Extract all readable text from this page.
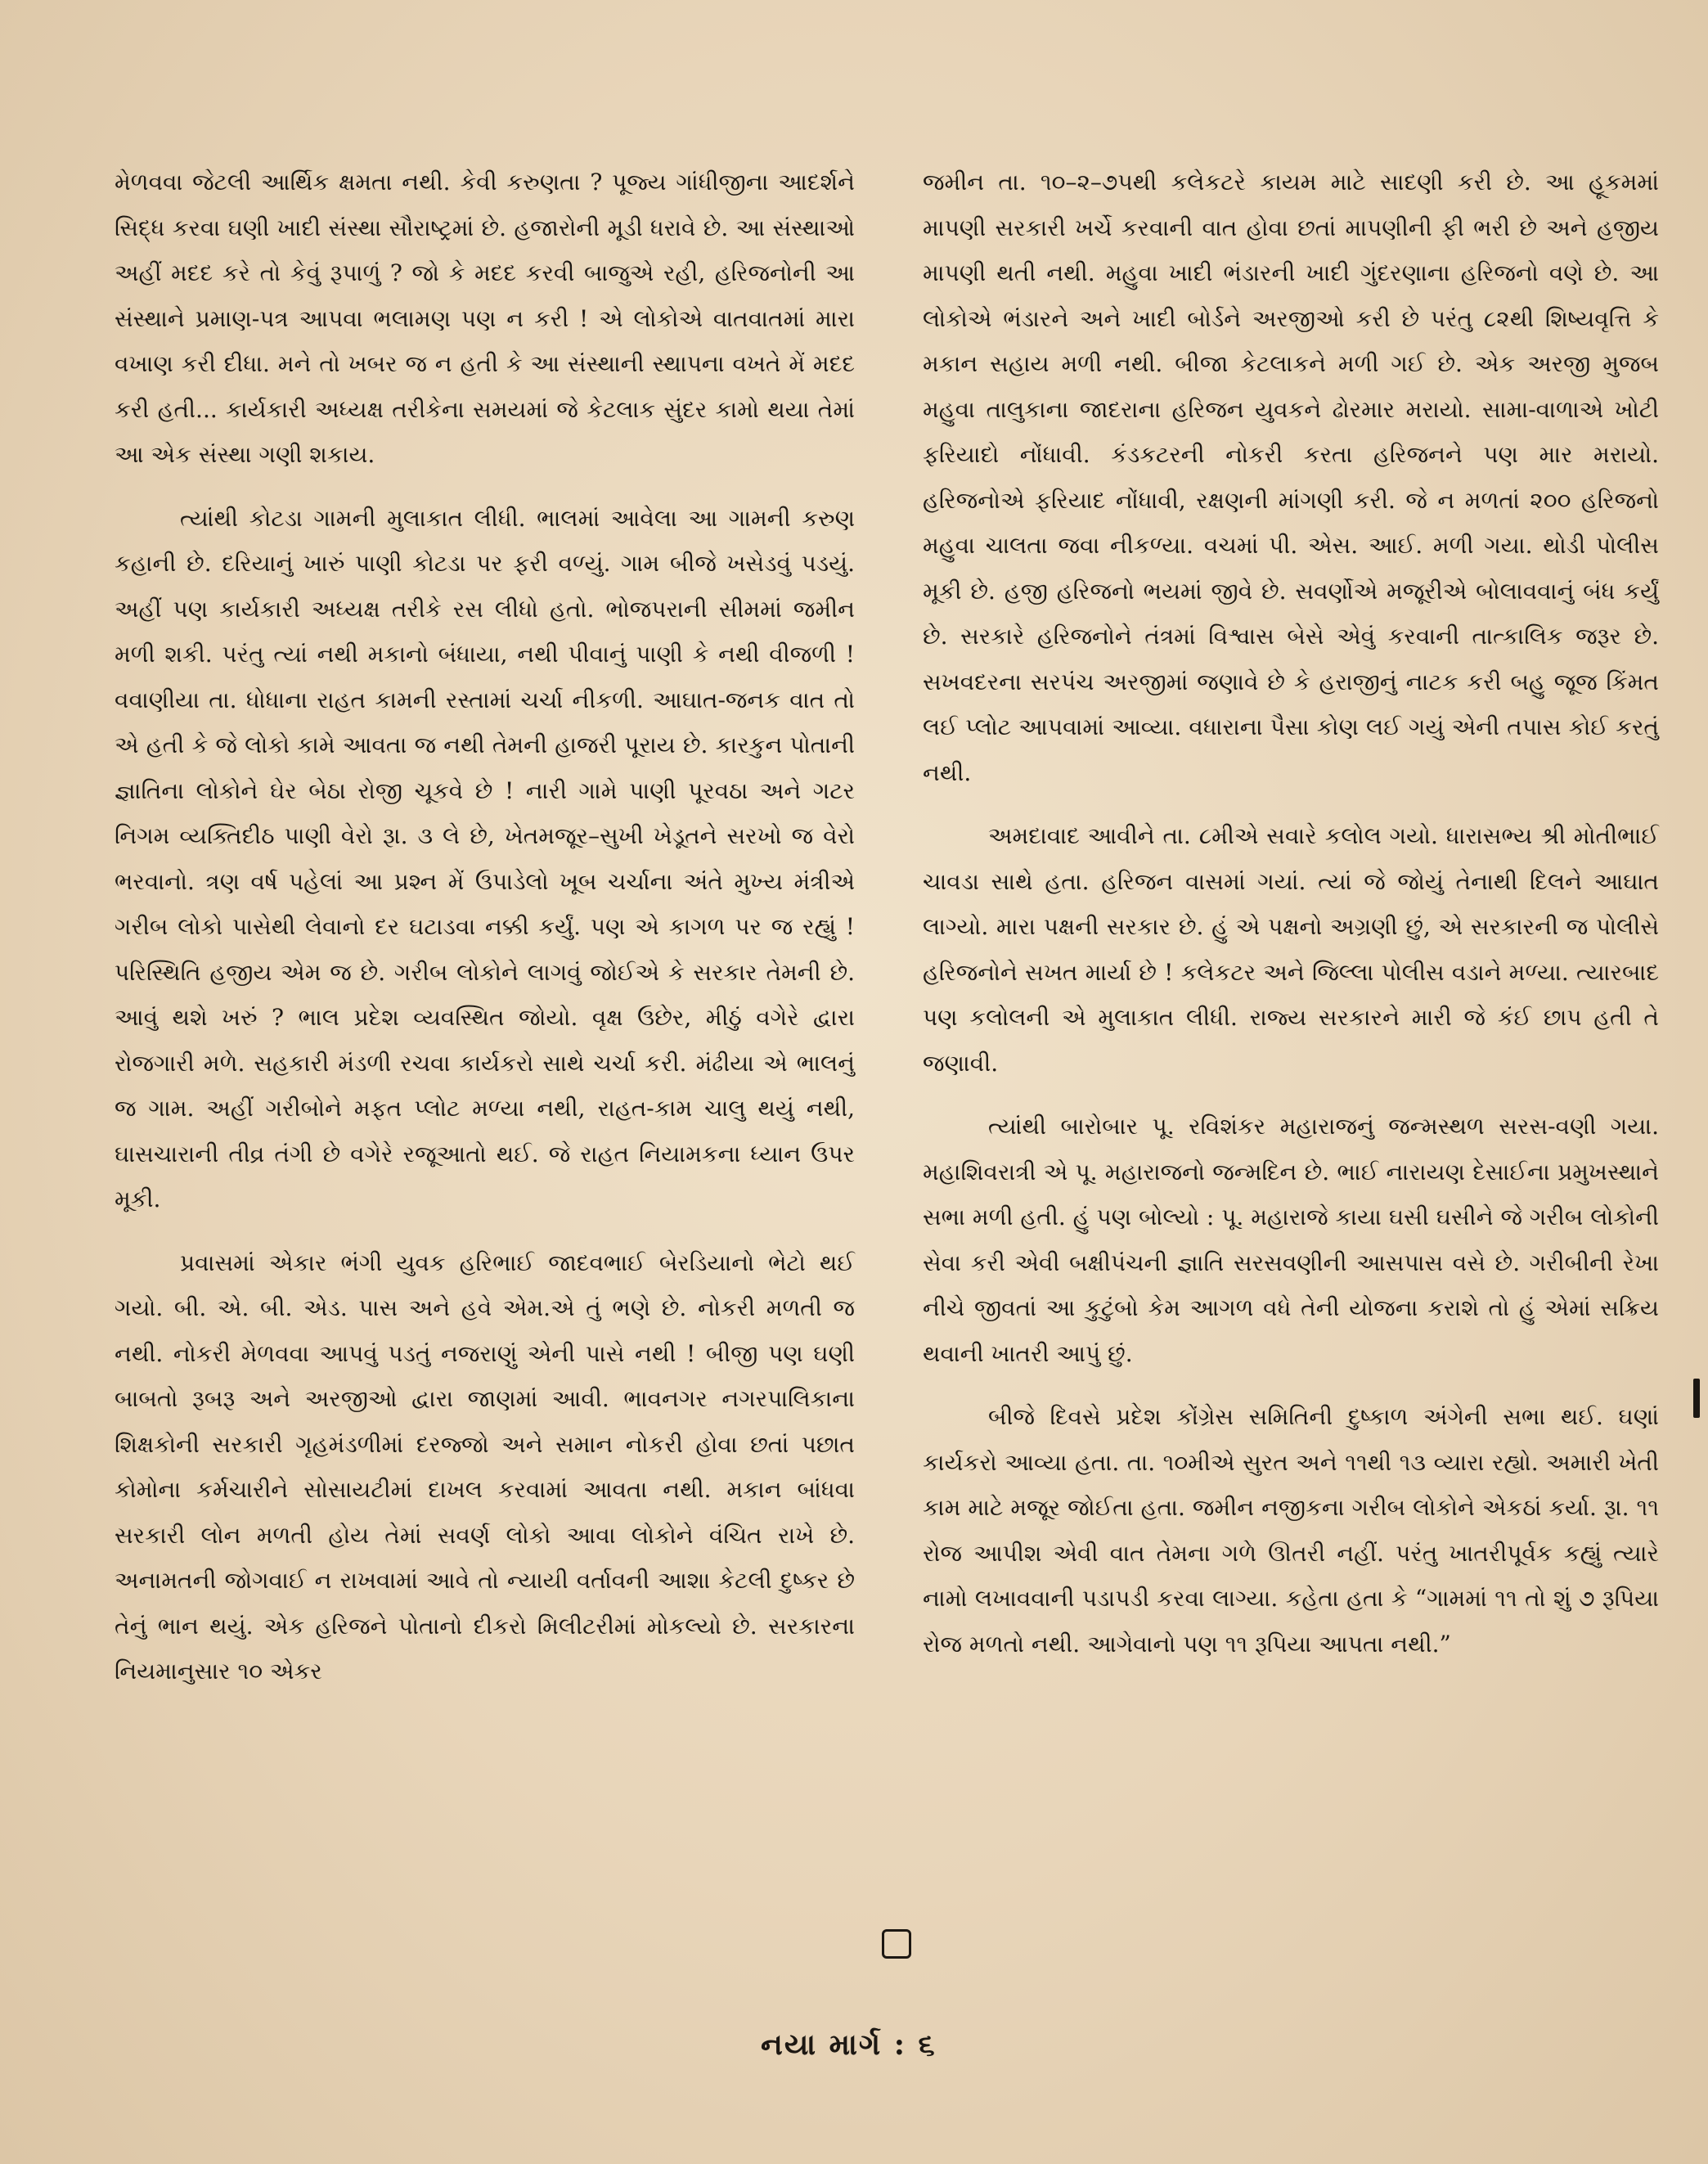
મેળવવા જેટલી આર્થિક ક્ષમતા નથી. કેવી કરુણતા ? પૂજ્ય ગાંધીજીના આદર્શને સિદ્ધ કરવા ઘણી ખાદી સંસ્થા સૌરાષ્ટ્રમાં છે. હજારોની મૂડી ધરાવે છે. આ સંસ્થાઓ અહીં મદદ કરે તો કેવું રૂપાળું ? જો કે મદદ કરવી બાજુએ રહી, હરિજનોની આ સંસ્થાને પ્રમાણ-પત્ર આપવા ભલામણ પણ ન કરી ! એ લોકોએ વાતવાતમાં મારા વખાણ કરી દીધા. મને તો ખબર જ ન હતી કે આ સંસ્થાની સ્થાપના વખતે મેં મદદ કરી હતી... કાર્યકારી અધ્યક્ષ તરીકેના સમયમાં જે કેટલાક સુંદર કામો થયા તેમાં આ એક સંસ્થા ગણી શકાય.

ત્યાંથી કોટડા ગામની મુલાકાત લીધી. ભાલમાં આવેલા આ ગામની કરુણ કહાની છે. દરિયાનું ખારું પાણી કોટડા પર ફરી વળ્યું. ગામ બીજે ખસેડવું પડયું. અહીં પણ કાર્યકારી અધ્યક્ષ તરીકે રસ લીધો હતો. ભોજપરાની સીમમાં જમીન મળી શકી. પરંતુ ત્યાં નથી મકાનો બંધાયા, નથી પીવાનું પાણી કે નથી વીજળી ! વવાણીયા તા. ધોધાના રાહત કામની રસ્તામાં ચર્ચા નીકળી. આઘાત-જનક વાત તો એ હતી કે જે લોકો કામે આવતા જ નથી તેમની હાજરી પૂરાય છે. કારકુન પોતાની જ્ઞાતિના લોકોને ઘેર બેઠા રોજી ચૂકવે છે ! નારી ગામે પાણી પૂરવઠા અને ગટર નિગમ વ્યક્તિદીઠ પાણી વેરો રૂા. ૩ લે છે, ખેતમજૂર–સુખી ખેડૂતને સરખો જ વેરો ભરવાનો. ત્રણ વર્ષ પહેલાં આ પ્રશ્ન મેં ઉપાડેલો ખૂબ ચર્ચાના અંતે મુખ્ય મંત્રીએ ગરીબ લોકો પાસેથી લેવાનો દર ઘટાડવા નક્કી કર્યું. પણ એ કાગળ પર જ રહ્યું ! પરિસ્થિતિ હજીય એમ જ છે. ગરીબ લોકોને લાગવું જોઈએ કે સરકાર તેમની છે. આવું થશે ખરું ? ભાલ પ્રદેશ વ્યવસ્થિત જોયો. વૃક્ષ ઉછેર, મીઠું વગેરે દ્વારા રોજગારી મળે. સહકારી મંડળી રચવા કાર્યકરો સાથે ચર્ચા કરી. મંઢીયા એ ભાલનું જ ગામ. અહીં ગરીબોને મફત પ્લોટ મળ્યા નથી, રાહત-કામ ચાલુ થયું નથી, ઘાસચારાની તીવ્ર તંગી છે વગેરે રજૂઆતો થઈ. જે રાહત નિયામકના ધ્યાન ઉપર મૂકી.

પ્રવાસમાં એકાર ભંગી યુવક હરિભાઈ જાદવભાઈ બેરડિયાનો ભેટો થઈ ગયો. બી. એ. બી. એડ. પાસ અને હવે એમ.એ તું ભણે છે. નોકરી મળતી જ નથી. નોકરી મેળવવા આપવું પડતું નજરાણું એની પાસે નથી ! બીજી પણ ઘણી બાબતો રૂબરૂ અને અરજીઓ દ્વારા જાણમાં આવી. ભાવનગર નગરપાલિકાના શિક્ષકોની સરકારી ગૃહમંડળીમાં દરજ્જો અને સમાન નોકરી હોવા છતાં પછાત કોમોના કર્મચારીને સોસાયટીમાં દાખલ કરવામાં આવતા નથી. મકાન બાંધવા સરકારી લોન મળતી હોય તેમાં સવર્ણ લોકો આવા લોકોને વંચિત રાખે છે. અનામતની જોગવાઈ ન રાખવામાં આવે તો ન્યાયી વર્તાવની આશા કેટલી દુષ્કર છે તેનું ભાન થયું. એક હરિજને પોતાનો દીકરો મિલીટરીમાં મોકલ્યો છે. સરકારના નિયમાનુસાર ૧૦ એકર

જમીન તા. ૧૦–૨–૭૫થી કલેકટરે કાયમ માટે સાદણી કરી છે. આ હૂકમમાં માપણી સરકારી ખર્ચે કરવાની વાત હોવા છતાં માપણીની ફી ભરી છે અને હજીય માપણી થતી નથી. મહુવા ખાદી ભંડારની ખાદી ગુંદરણાના હરિજનો વણે છે. આ લોકોએ ભંડારને અને ખાદી બોર્ડને અરજીઓ કરી છે પરંતુ ૮૨થી શિષ્યવૃત્તિ કે મકાન સહાય મળી નથી. બીજા કેટલાકને મળી ગઈ છે. એક અરજી મુજબ મહુવા તાલુકાના જાદરાના હરિજન યુવકને ઢોરમાર મરાયો. સામા-વાળાએ ખોટી ફરિયાદો નોંધાવી. કંડકટરની નોકરી કરતા હરિજનને પણ માર મરાયો. હરિજનોએ ફરિયાદ નોંધાવી, રક્ષણની માંગણી કરી. જે ન મળતાં ૨૦૦ હરિજનો મહુવા ચાલતા જવા નીકળ્યા. વચમાં પી. એસ. આઈ. મળી ગયા. થોડી પોલીસ મૂકી છે. હજી હરિજનો ભયમાં જીવે છે. સવર્ણોએ મજૂરીએ બોલાવવાનું બંધ કર્યું છે. સરકારે હરિજનોને તંત્રમાં વિશ્વાસ બેસે એવું કરવાની તાત્કાલિક જરૂર છે. સખવદરના સરપંચ અરજીમાં જણાવે છે કે હરાજીનું નાટક કરી બહુ જૂજ કિંમત લઈ પ્લોટ આપવામાં આવ્યા. વધારાના પૈસા કોણ લઈ ગયું એની તપાસ કોઈ કરતું નથી.

અમદાવાદ આવીને તા. ૮મીએ સવારે કલોલ ગયો. ધારાસભ્ય શ્રી મોતીભાઈ ચાવડા સાથે હતા. હરિજન વાસમાં ગયાં. ત્યાં જે જોયું તેનાથી દિલને આઘાત લાગ્યો. મારા પક્ષની સરકાર છે. હું એ પક્ષનો અગ્રણી છું, એ સરકારની જ પોલીસે હરિજનોને સખત માર્યા છે ! કલેકટર અને જિલ્લા પોલીસ વડાને મળ્યા. ત્યારબાદ પણ કલોલની એ મુલાકાત લીધી. રાજ્ય સરકારને મારી જે કંઈ છાપ હતી તે જણાવી.

ત્યાંથી બારોબાર પૂ. રવિશંકર મહારાજનું જન્મસ્થળ સરસ-વણી ગયા. મહાશિવરાત્રી એ પૂ. મહારાજનો જન્મદિન છે. ભાઈ નારાયણ દેસાઈના પ્રમુખસ્થાને સભા મળી હતી. હું પણ બોલ્યો : પૂ. મહારાજે કાયા ઘસી ઘસીને જે ગરીબ લોકોની સેવા કરી એવી બક્ષીપંચની જ્ઞાતિ સરસવણીની આસપાસ વસે છે. ગરીબીની રેખા નીચે જીવતાં આ કુટુંબો કેમ આગળ વધે તેની યોજના કરાશે તો હું એમાં સક્રિય થવાની ખાતરી આપું છું.

બીજે દિવસે પ્રદેશ કોંગ્રેસ સમિતિની દુષ્કાળ અંગેની સભા થઈ. ઘણાં કાર્યકરો આવ્યા હતા. તા. ૧૦મીએ સુરત અને ૧૧થી ૧૩ વ્યારા રહ્યો. અમારી ખેતી કામ માટે મજૂર જોઈતા હતા. જમીન નજીકના ગરીબ લોકોને એકઠાં કર્યા. રૂા. ૧૧ રોજ આપીશ એવી વાત તેમના ગળે ઊતરી નહીં. પરંતુ ખાતરીપૂર્વક કહ્યું ત્યારે નામો લખાવવાની પડાપડી કરવા લાગ્યા. કહેતા હતા કે “ગામમાં ૧૧ તો શું ૭ રૂપિયા રોજ મળતો નથી. આગેવાનો પણ ૧૧ રૂપિયા આપતા નથી.”

નયા માર્ગ : ૬
